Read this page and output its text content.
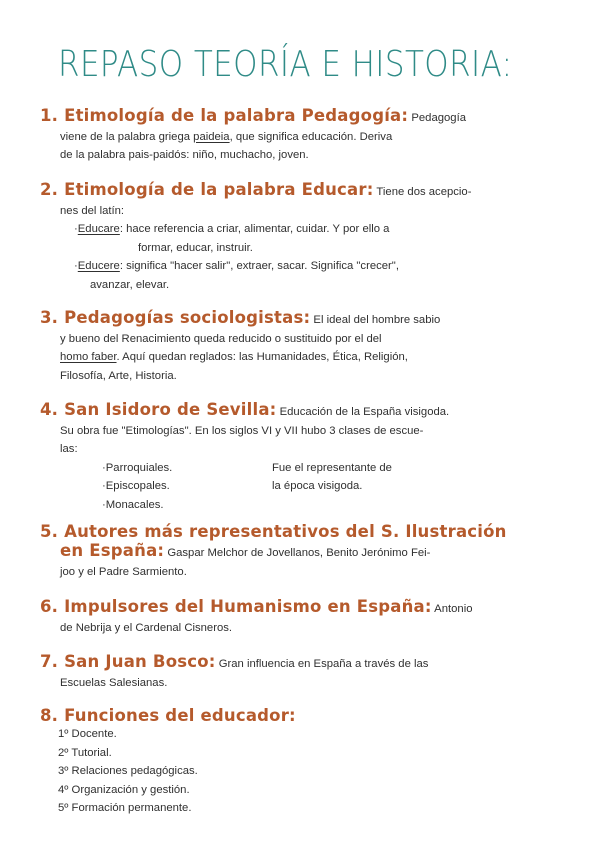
REPASO TEORÍA E HISTORIA:
1. Etimología de la palabra Pedagogía: Pedagogía
viene de la palabra griega paideia, que significa educación. Deriva
de la palabra pais-paidós: niño, muchacho, joven.
2. Etimología de la palabra Educar: Tiene dos acepcio-
nes del latín:
·Educare: hace referencia a criar, alimentar, cuidar. Y por ello a
formar, educar, instruir.
·Educere: significa "hacer salir", extraer, sacar. Significa "crecer",
avanzar, elevar.
3. Pedagogías sociologistas: El ideal del hombre sabio
y bueno del Renacimiento queda reducido o sustituido por el del
homo faber. Aquí quedan reglados: las Humanidades, Ética, Religión,
Filosofía, Arte, Historia.
4. San Isidoro de Sevilla: Educación de la España visigoda.
Su obra fue "Etimologías". En los siglos VI y VII hubo 3 clases de escue-
las:
·Parroquiales.
·Episcopales.
·Monacales.
Fue el representante de
la época visigoda.
5. Autores más representativos del S. Ilustración
en España: Gaspar Melchor de Jovellanos, Benito Jerónimo Fei-
joo y el Padre Sarmiento.
6. Impulsores del Humanismo en España: Antonio
de Nebrija y el Cardenal Cisneros.
7. San Juan Bosco: Gran influencia en España a través de las
Escuelas Salesianas.
8. Funciones del educador:
1º Docente.
2º Tutorial.
3º Relaciones pedagógicas.
4º Organización y gestión.
5º Formación permanente.
